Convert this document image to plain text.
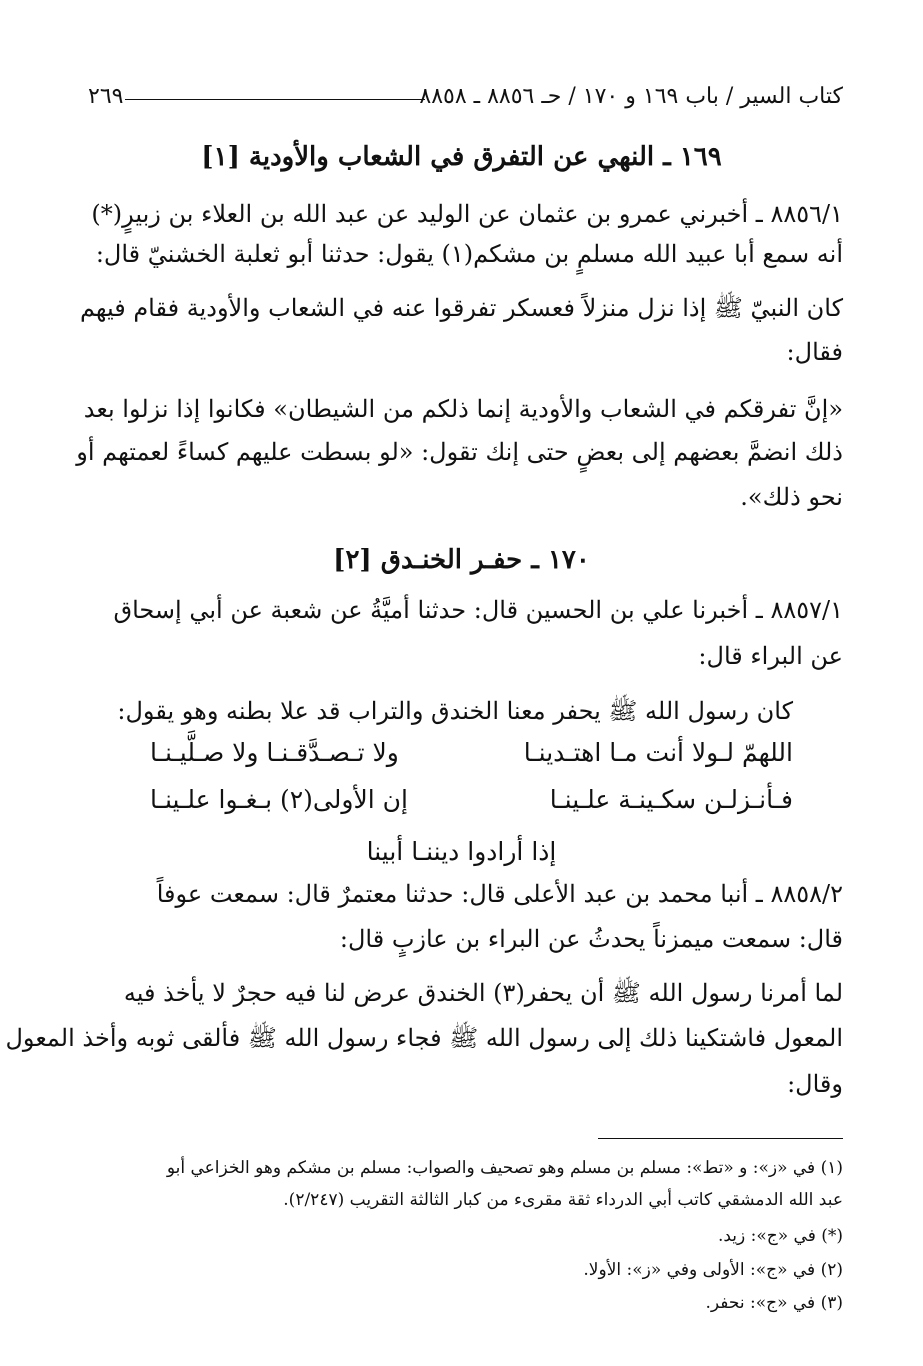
كتاب السير / باب ١٦٩ و ١٧٠ / حـ ٨٨٥٦ ـ ٨٨٥٨
٢٦٩
١٦٩ ـ النهي عن التفرق في الشعاب والأودية [١]
٨٨٥٦/١ ـ أخبرني عمرو بن عثمان عن الوليد عن عبد الله بن العلاء بن زبيرٍ(*)
أنه سمع أبا عبيد الله مسلمٍ بن مشكم(١) يقول: حدثنا أبو ثعلبة الخشنيّ قال:
كان النبيّ ﷺ إذا نزل منزلاً فعسكر تفرقوا عنه في الشعاب والأودية فقام فيهم
فقال:
«إنَّ تفرقكم في الشعاب والأودية إنما ذلكم من الشيطان» فكانوا إذا نزلوا بعد
ذلك انضمَّ بعضهم إلى بعضٍ حتى إنك تقول: «لو بسطت عليهم كساءً لعمتهم أو
نحو ذلك».
١٧٠ ـ حفـر الخنـدق [٢]
٨٨٥٧/١ ـ أخبرنا علي بن الحسين قال: حدثنا أميَّةُ عن شعبة عن أبي إسحاق
عن البراء قال:
كان رسول الله ﷺ يحفر معنا الخندق والتراب قد علا بطنه وهو يقول:
اللهمّ لـولا أنت مـا اهتـدينـا
ولا تـصـدَّقـنـا ولا صـلَّيـنـا
فـأنـزلـن سكـينـة علـينـا
إن الأولى(٢) بـغـوا علـينـا
إذا أرادوا ديننـا أبينا
٨٨٥٨/٢ ـ أنبا محمد بن عبد الأعلى قال: حدثنا معتمرٌ قال: سمعت عوفاً
قال: سمعت ميمزناً يحدثُ عن البراء بن عازبٍ قال:
لما أمرنا رسول الله ﷺ أن يحفر(٣) الخندق عرض لنا فيه حجرٌ لا يأخذ فيه
المعول فاشتكينا ذلك إلى رسول الله ﷺ فجاء رسول الله ﷺ فألقى ثوبه وأخذ المعول
وقال:
(١) في «ز»: و «تط»: مسلم بن مسلم وهو تصحيف والصواب: مسلم بن مشكم وهو الخزاعي أبو
عبد الله الدمشقي كاتب أبي الدرداء ثقة مقرىء من كبار الثالثة التقريب (٢/٢٤٧).
(*) في «ج»: زيد.
(٢) في «ج»: الأولى وفي «ز»: الأولا.
(٣) في «ج»: نحفر.
